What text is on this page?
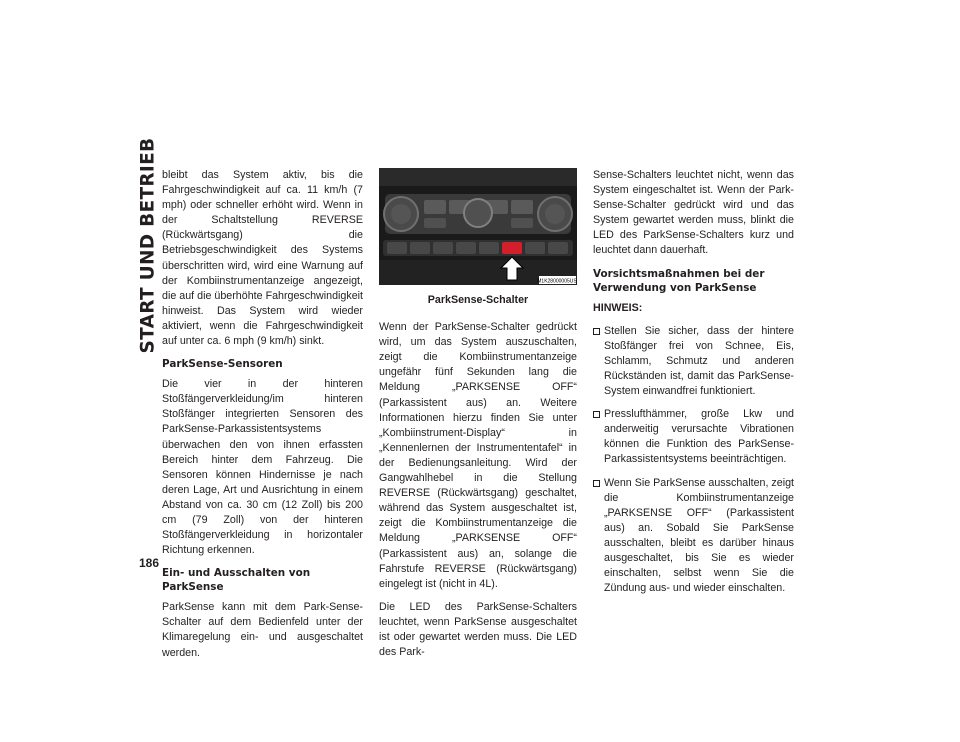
START UND BETRIEB bleibt das System aktiv, bis die Fahrgeschwindigkeit auf ca. 11 km/h (7 mph) oder schneller erhöht wird. Wenn in der Schaltstellung REVERSE (Rückwärtsgang) die Betriebsgeschwindigkeit des Systems überschritten wird, wird eine Warnung auf der Kombiinstrumentanzeige angezeigt, die auf die überhöhte Fahrgeschwindigkeit hinweist. Das System wird wieder aktiviert, wenn die Fahrgeschwindigkeit auf unter ca. 6 mph (9 km/h) sinkt.

ParkSense-Sensoren

Die vier in der hinteren Stoßfängerverkleidung/im hinteren Stoßfänger integrierten Sensoren des ParkSense-Parkassistentsystems überwachen den von ihnen erfassten Bereich hinter dem Fahrzeug. Die Sensoren können Hindernisse je nach deren Lage, Art und Ausrichtung in einem Abstand von ca. 30 cm (12 Zoll) bis 200 cm (79 Zoll) von der hinteren Stoßfängerverkleidung in horizontaler Richtung erkennen.

Ein- und Ausschalten von ParkSense

ParkSense kann mit dem Park-Sense-Schalter auf dem Bedienfeld unter der Klimaregelung ein- und ausgeschaltet werden.

M1K28000005US

ParkSense-Schalter

Wenn der ParkSense-Schalter gedrückt wird, um das System auszuschalten, zeigt die Kombiinstrumentanzeige ungefähr fünf Sekunden lang die Meldung „PARKSENSE OFF“ (Parkassistent aus) an. Weitere Informationen hierzu finden Sie unter „Kombiinstrument-Display“ in „Kennenlernen der Instrumententafel“ in der Bedienungsanleitung. Wird der Gangwahlhebel in die Stellung REVERSE (Rückwärtsgang) geschaltet, während das System ausgeschaltet ist, zeigt die Kombiinstrumentanzeige die Meldung „PARKSENSE OFF“ (Parkassistent aus) an, solange die Fahrstufe REVERSE (Rückwärtsgang) eingelegt ist (nicht in 4L).

Die LED des ParkSense-Schalters leuchtet, wenn ParkSense ausgeschaltet ist oder gewartet werden muss. Die LED des Park-

Sense-Schalters leuchtet nicht, wenn das System eingeschaltet ist. Wenn der Park-Sense-Schalter gedrückt wird und das System gewartet werden muss, blinkt die LED des ParkSense-Schalters kurz und leuchtet dann dauerhaft.

Vorsichtsmaßnahmen bei der Verwendung von ParkSense

HINWEIS:

Stellen Sie sicher, dass der hintere Stoßfänger frei von Schnee, Eis, Schlamm, Schmutz und anderen Rückständen ist, damit das ParkSense-System einwandfrei funktioniert.
Presslufthämmer, große Lkw und anderweitig verursachte Vibrationen können die Funktion des ParkSense-Parkassistentsystems beeinträchtigen.
Wenn Sie ParkSense ausschalten, zeigt die Kombiinstrumentanzeige „PARKSENSE OFF“ (Parkassistent aus) an. Sobald Sie ParkSense ausschalten, bleibt es darüber hinaus ausgeschaltet, bis Sie es wieder einschalten, selbst wenn Sie die Zündung aus- und wieder einschalten.
186
